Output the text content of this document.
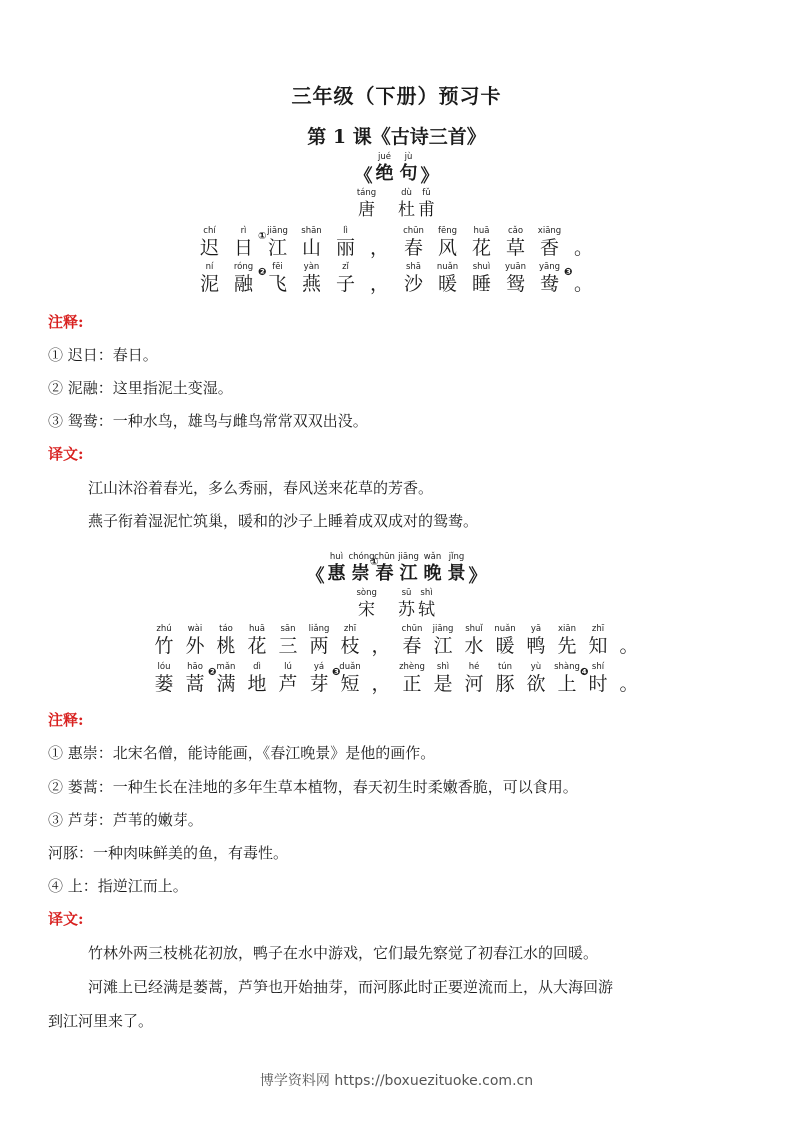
三年级（下册）预习卡
第 1 课《古诗三首》
《
jué
绝
jù
句 》
táng
唐
dù
杜
fǔ
甫
chí
迟
rì
日
① jiāng
江
shān
山
lì
丽 ，
chūn
春
fēng
风
huā
花
cǎo
草
xiāng
香 。
ní
泥
róng
融
❷ fēi
飞
yàn
燕
zǐ
子 ，
shā
沙
nuǎn
暖
shuì
睡
yuān
鸳
yāng
鸯
❸
。
注释:
① 迟日：春日。
② 泥融：这里指泥土变湿。
③ 鸳鸯：一种水鸟，雄鸟与雌鸟常常双双出没。
译文:
江山沐浴着春光，多么秀丽，春风送来花草的芳香。
燕子衔着湿泥忙筑巢，暖和的沙子上睡着成双成对的鸳鸯。
《
huì
惠
chóng
崇
①
chūn
春
jiāng
江
wǎn
晚
jǐng
景 》
sòng
宋
sū
苏
shì
轼
zhú
竹
wài
外
táo
桃
huā
花
sān
三
liǎng
两
zhī
枝 ，
chūn
春
jiāng
江
shuǐ
水
nuǎn
暖
yā
鸭
xiān
先
zhī
知 。
lóu
蒌
hāo
蒿
❷ mǎn
满
dì
地
lú
芦
yá
芽
❸
duǎn
短 ，
zhèng
正
shì
是
hé
河
tún
豚
yù
欲
shàng
上
❹ shí
时 。
注释:
① 惠崇：北宋名僧，能诗能画，《春江晚景》是他的画作。
② 蒌蒿：一种生长在洼地的多年生草本植物，春天初生时柔嫩香脆，可以食用。
③ 芦芽：芦苇的嫩芽。
河豚：一种肉味鲜美的鱼，有毒性。
④ 上：指逆江而上。
译文:
竹林外两三枝桃花初放，鸭子在水中游戏，它们最先察觉了初春江水的回暖。
河滩上已经满是蒌蒿，芦笋也开始抽芽，而河豚此时正要逆流而上，从大海回游
到江河里来了。
博学资料网 https://boxuezituoke.com.cn
